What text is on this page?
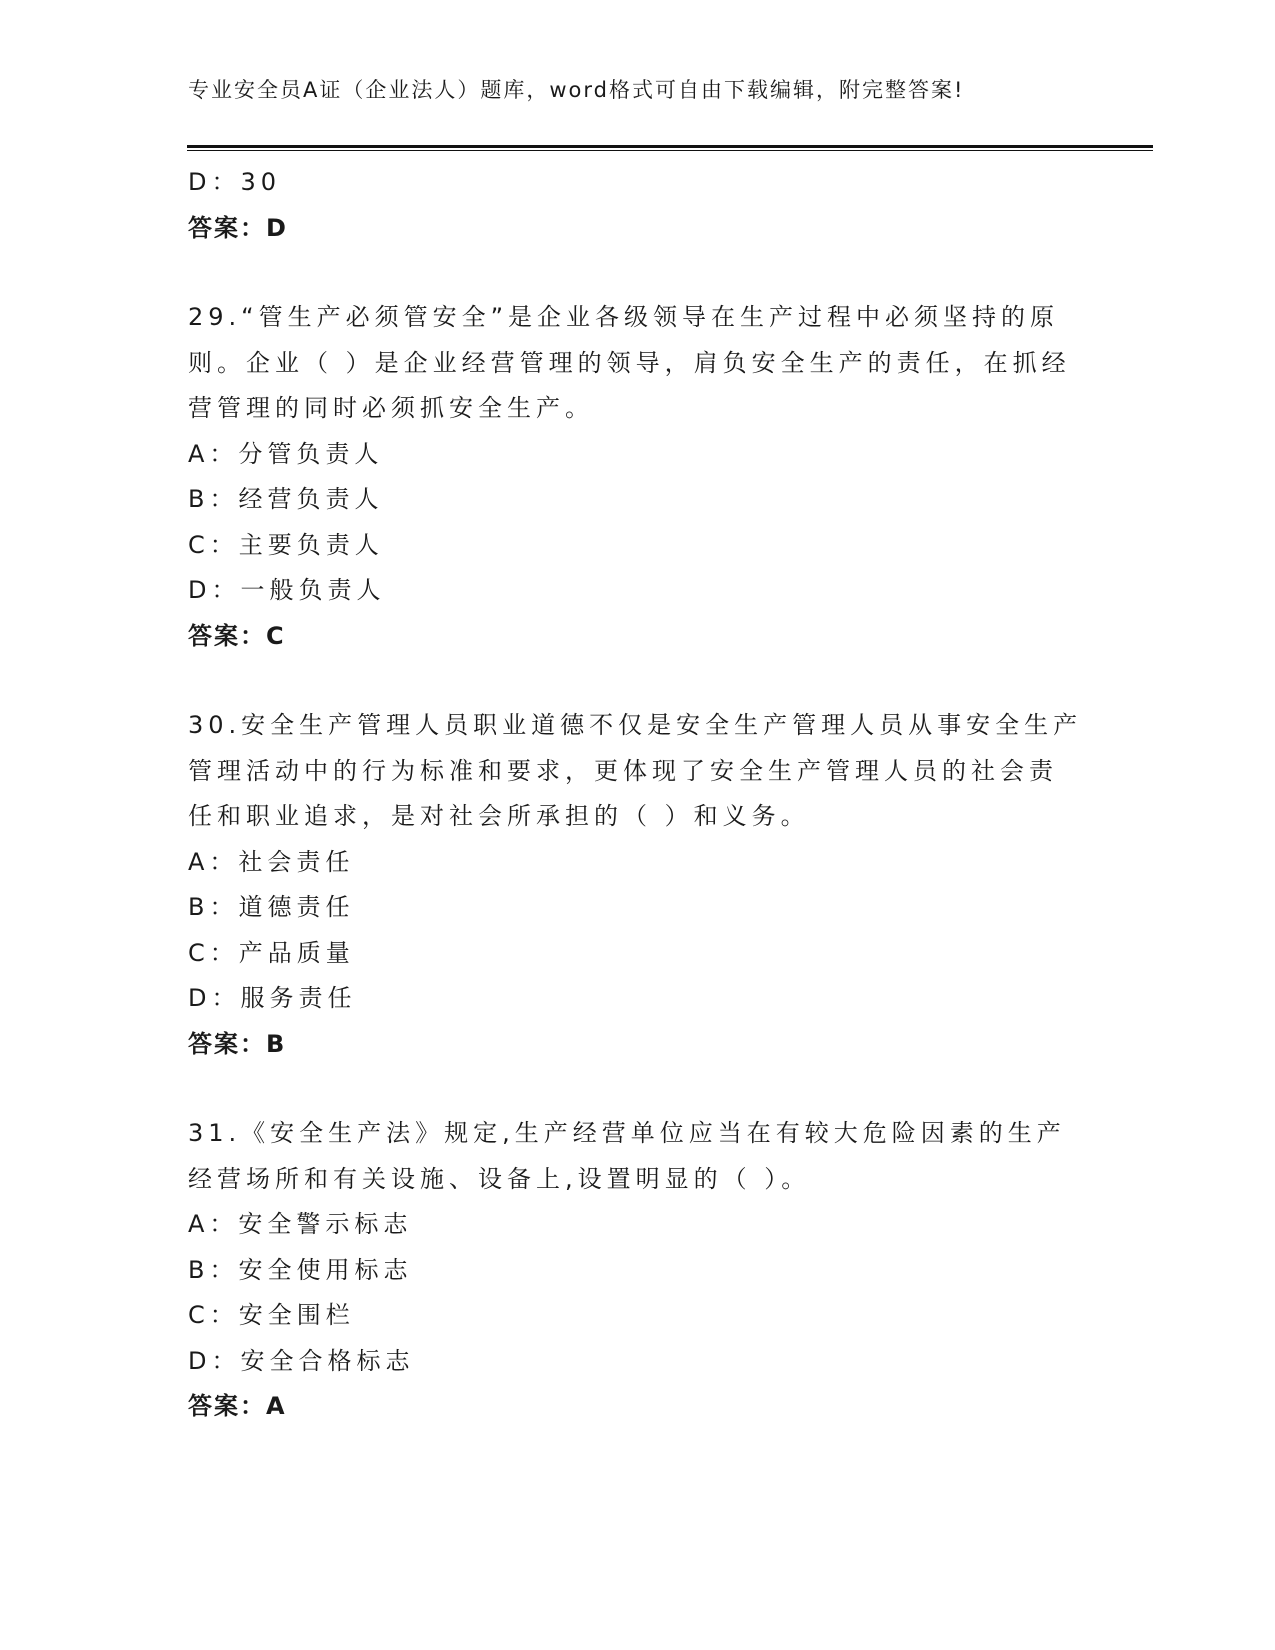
专业安全员A证（企业法人）题库，word格式可自由下载编辑，附完整答案!
D：30
答案：D
29.“管生产必须管安全”是企业各级领导在生产过程中必须坚持的原
则。企业（ ）是企业经营管理的领导，肩负安全生产的责任，在抓经
营管理的同时必须抓安全生产。
A：分管负责人
B：经营负责人
C：主要负责人
D：一般负责人
答案：C
30.安全生产管理人员职业道德不仅是安全生产管理人员从事安全生产
管理活动中的行为标准和要求，更体现了安全生产管理人员的社会责
任和职业追求，是对社会所承担的（ ）和义务。
A：社会责任
B：道德责任
C：产品质量
D：服务责任
答案：B
31.《安全生产法》规定,生产经营单位应当在有较大危险因素的生产
经营场所和有关设施、设备上,设置明显的（ ）。
A：安全警示标志
B：安全使用标志
C：安全围栏
D：安全合格标志
答案：A
